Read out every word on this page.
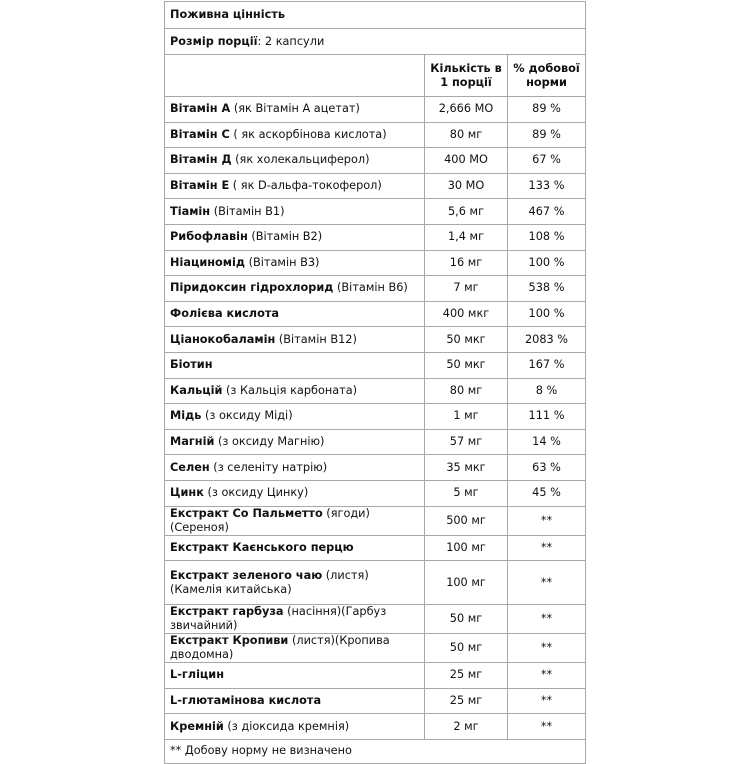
Поживна цінність		
Розмір порції: 2 капсули		
	Кількість в 1 порції	% добової норми
Вітамін А (як Вітамін А ацетат)	2,666 МО	89 %
Вітамін С ( як аскорбінова кислота)	80 мг	89 %
Вітамін Д (як холекальциферол)	400 МО	67 %
Вітамін Е ( як D-альфа-токоферол)	30 МО	133 %
Тіамін (Вітамін В1)	5,6 мг	467 %
Рибофлавін (Вітамін В2)	1,4 мг	108 %
Ніациномід (Вітамін В3)	16 мг	100 %
Піридоксин гідрохлорид (Вітамін В6)	7 мг	538 %
Фолієва кислота	400 мкг	100 %
Ціанокобаламін (Вітамін В12)	50 мкг	2083 %
Біотин	50 мкг	167 %
Кальцій (з Кальція карбоната)	80 мг	8 %
Мідь (з оксиду Міді)	1 мг	111 %
Магній (з оксиду Магнію)	57 мг	14 %
Селен (з селеніту натрію)	35 мкг	63 %
Цинк (з оксиду Цинку)	5 мг	45 %
Екстракт Со Пальметто (ягоди) (Сереноя)	500 мг	**
Екстракт Каєнського перцю	100 мг	**
Екстракт зеленого чаю (листя)(Камелія китайська)	100 мг	**
Екстракт гарбуза (насіння)(Гарбуз звичайний)	50 мг	**
Екстракт Кропиви (листя)(Кропива дводомна)	50 мг	**
L-гліцин	25 мг	**
L-глютамінова кислота	25 мг	**
Кремній (з діоксида кремнія)	2 мг	**
** Добову норму не визначено		
